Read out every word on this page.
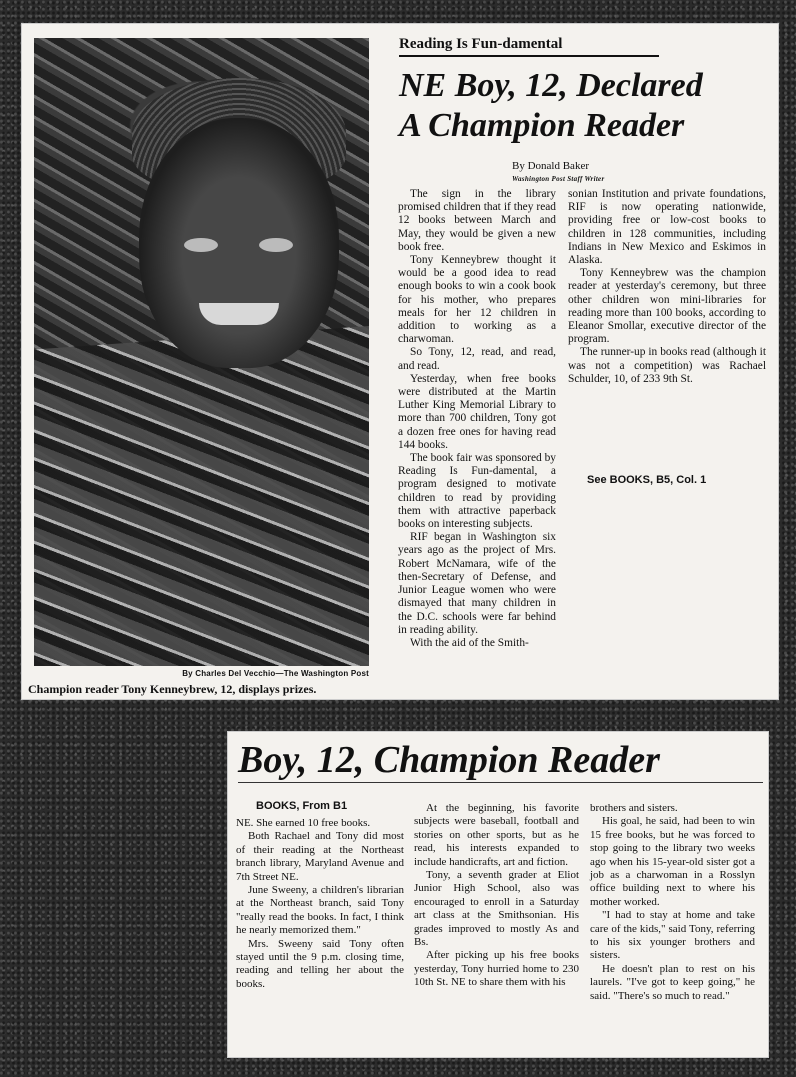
By Charles Del Vecchio—The Washington Post
Champion reader Tony Kenneybrew, 12, displays prizes.
Reading Is Fun-damental
NE Boy, 12, Declared
A Champion Reader
By Donald Baker
Washington Post Staff Writer

The sign in the library promised children that if they read 12 books between March and May, they would be given a new book free.

Tony Kenneybrew thought it would be a good idea to read enough books to win a cook book for his mother, who prepares meals for her 12 children in addition to working as a charwoman.

So Tony, 12, read, and read, and read.

Yesterday, when free books were distributed at the Martin Luther King Memorial Library to more than 700 children, Tony got a dozen free ones for having read 144 books.

The book fair was sponsored by Reading Is Fun-damental, a program designed to motivate children to read by providing them with attractive paperback books on interesting subjects.

RIF began in Washington six years ago as the project of Mrs. Robert McNamara, wife of the then-Secretary of Defense, and Junior League women who were dismayed that many children in the D.C. schools were far behind in reading ability.

With the aid of the Smith-

sonian Institution and private foundations, RIF is now operating nationwide, providing free or low-cost books to children in 128 communities, including Indians in New Mexico and Eskimos in Alaska.

Tony Kenneybrew was the champion reader at yesterday's ceremony, but three other children won mini-libraries for reading more than 100 books, according to Eleanor Smollar, executive director of the program.

The runner-up in books read (although it was not a competition) was Rachael Schulder, 10, of 233 9th St.

See BOOKS, B5, Col. 1
Boy, 12, Champion Reader
BOOKS, From B1

NE. She earned 10 free books.

Both Rachael and Tony did most of their reading at the Northeast branch library, Maryland Avenue and 7th Street NE.

June Sweeny, a children's librarian at the Northeast branch, said Tony "really read the books. In fact, I think he nearly memorized them."

Mrs. Sweeny said Tony often stayed until the 9 p.m. closing time, reading and telling her about the books.

At the beginning, his favorite subjects were baseball, football and stories on other sports, but as he read, his interests expanded to include handicrafts, art and fiction.

Tony, a seventh grader at Eliot Junior High School, also was encouraged to enroll in a Saturday art class at the Smithsonian. His grades improved to mostly As and Bs.

After picking up his free books yesterday, Tony hurried home to 230 10th St. NE to share them with his

brothers and sisters.

His goal, he said, had been to win 15 free books, but he was forced to stop going to the library two weeks ago when his 15-year-old sister got a job as a charwoman in a Rosslyn office building next to where his mother worked.

"I had to stay at home and take care of the kids," said Tony, referring to his six younger brothers and sisters.

He doesn't plan to rest on his laurels. "I've got to keep going," he said. "There's so much to read."
